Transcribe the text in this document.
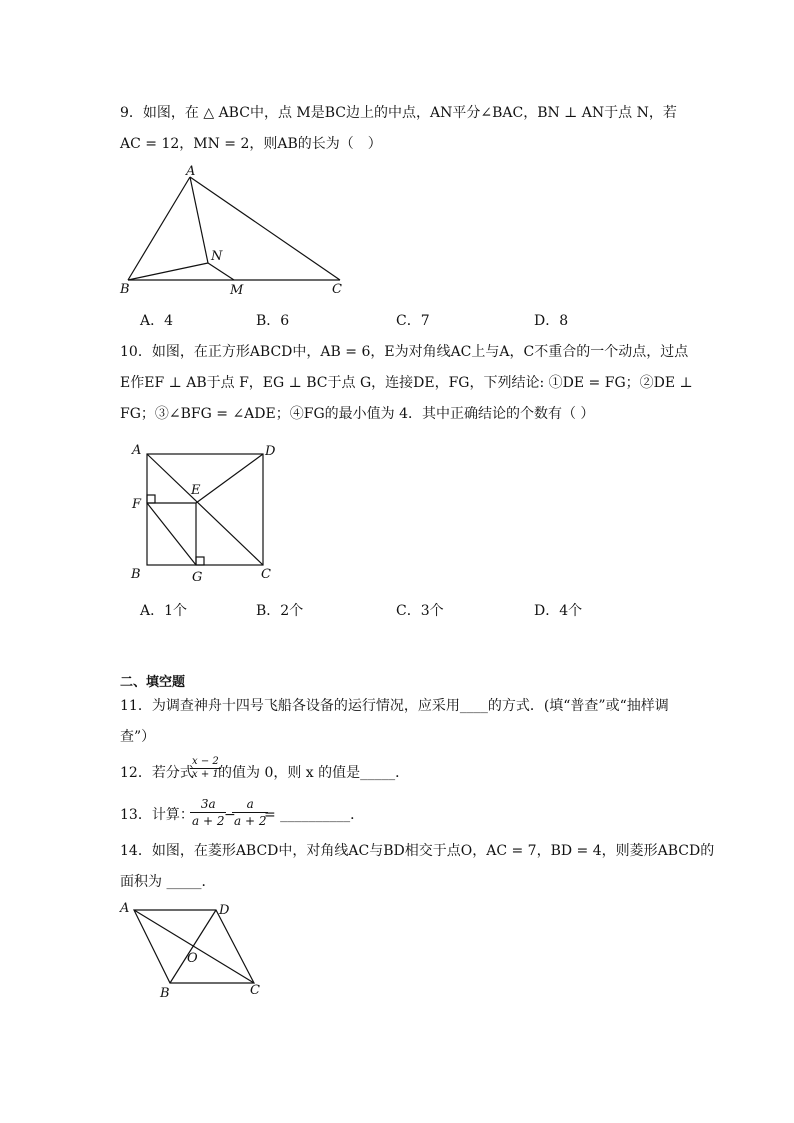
9．如图，在 △ ABC中，点 M是BC边上的中点，AN平分∠BAC，BN ⊥ AN于点 N，若
AC = 12，MN = 2，则AB的长为（　）
A
B	C
M
N
A．4	B．6	C．7	D．8
10．如图，在正方形ABCD中，AB = 6，E为对角线AC上与A，C不重合的一个动点，过点
E作EF ⊥ AB于点 F，EG ⊥ BC于点 G，连接DE，FG，下列结论: ①DE = FG；②DE ⊥
FG；③∠BFG = ∠ADE；④FG的最小值为 4．其中正确结论的个数有（ ）
A	D
B	C
F
E
G
A．1个	B．2个	C．3个	D．4个
二、填空题
11．为调查神舟十四号飞船各设备的运行情况，应采用____的方式．(填“普查”或“抽样调
查”）
12．若分式
$\frac{x - 2}{x + 1}$
的值为 0，则 x 的值是_____．
13．计算：
$\frac{3a}{a + 2}$
−
$\frac{a}{a + 2}$
= __________．
14．如图，在菱形ABCD中，对角线AC与BD相交于点O，AC = 7，BD = 4，则菱形ABCD的
面积为 _____．
A	D
B	C
O
